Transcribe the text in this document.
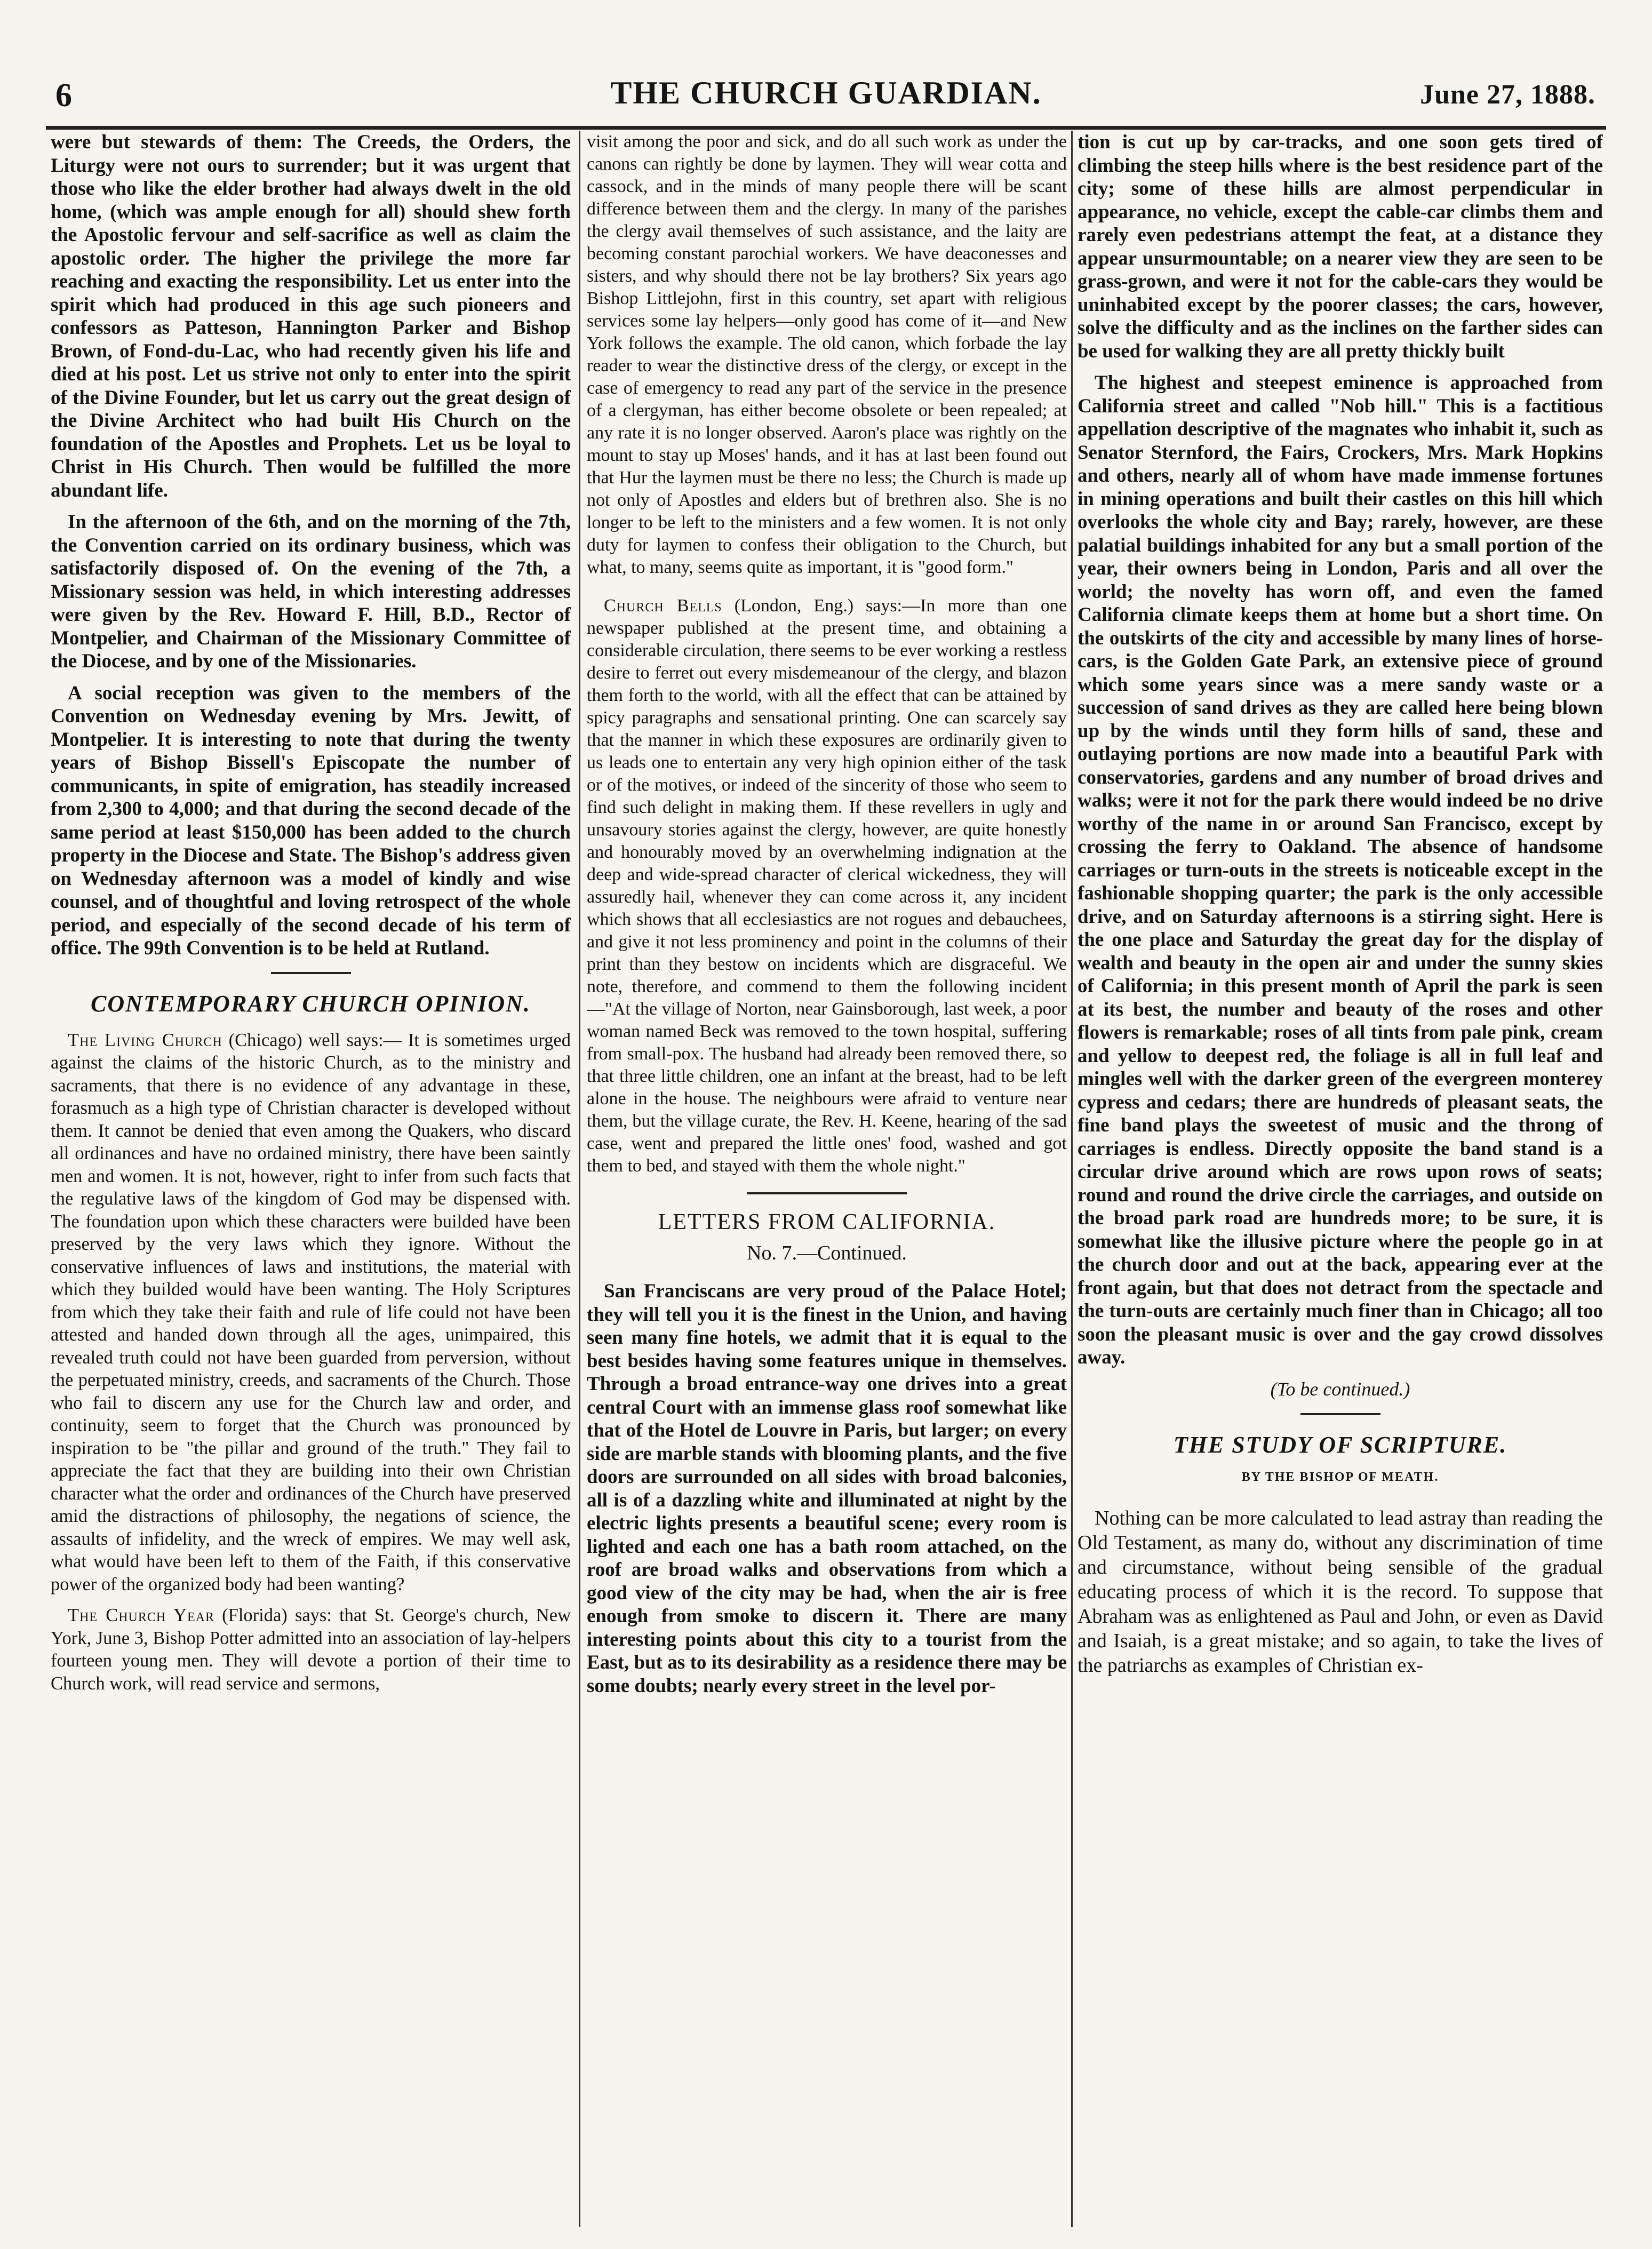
6	THE CHURCH GUARDIAN.	June 27, 1888.

were but stewards of them: The Creeds, the Orders, the Liturgy were not ours to surrender; but it was urgent that those who like the elder brother had always dwelt in the old home, (which was ample enough for all) should shew forth the Apostolic fervour and self-sacrifice as well as claim the apostolic order. The higher the privilege the more far reaching and exacting the responsibility. Let us enter into the spirit which had produced in this age such pioneers and confessors as Patteson, Hannington Parker and Bishop Brown, of Fond-du-Lac, who had recently given his life and died at his post. Let us strive not only to enter into the spirit of the Divine Founder, but let us carry out the great design of the Divine Architect who had built His Church on the foundation of the Apostles and Prophets. Let us be loyal to Christ in His Church. Then would be fulfilled the more abundant life.

In the afternoon of the 6th, and on the morning of the 7th, the Convention carried on its ordinary business, which was satisfactorily disposed of. On the evening of the 7th, a Missionary session was held, in which interesting addresses were given by the Rev. Howard F. Hill, B.D., Rector of Montpelier, and Chairman of the Missionary Committee of the Diocese, and by one of the Missionaries.

A social reception was given to the members of the Convention on Wednesday evening by Mrs. Jewitt, of Montpelier. It is interesting to note that during the twenty years of Bishop Bissell's Episcopate the number of communicants, in spite of emigration, has steadily increased from 2,300 to 4,000; and that during the second decade of the same period at least $150,000 has been added to the church property in the Diocese and State. The Bishop's address given on Wednesday afternoon was a model of kindly and wise counsel, and of thoughtful and loving retrospect of the whole period, and especially of the second decade of his term of office. The 99th Convention is to be held at Rutland.

CONTEMPORARY CHURCH OPINION.

The Living Church (Chicago) well says:— It is sometimes urged against the claims of the historic Church, as to the ministry and sacraments, that there is no evidence of any advantage in these, forasmuch as a high type of Christian character is developed without them. It cannot be denied that even among the Quakers, who discard all ordinances and have no ordained ministry, there have been saintly men and women. It is not, however, right to infer from such facts that the regulative laws of the kingdom of God may be dispensed with. The foundation upon which these characters were builded have been preserved by the very laws which they ignore. Without the conservative influences of laws and institutions, the material with which they builded would have been wanting. The Holy Scriptures from which they take their faith and rule of life could not have been attested and handed down through all the ages, unimpaired, this revealed truth could not have been guarded from perversion, without the perpetuated ministry, creeds, and sacraments of the Church. Those who fail to discern any use for the Church law and order, and continuity, seem to forget that the Church was pronounced by inspiration to be "the pillar and ground of the truth." They fail to appreciate the fact that they are building into their own Christian character what the order and ordinances of the Church have preserved amid the distractions of philosophy, the negations of science, the assaults of infidelity, and the wreck of empires. We may well ask, what would have been left to them of the Faith, if this conservative power of the organized body had been wanting?

The Church Year (Florida) says: that St. George's church, New York, June 3, Bishop Potter admitted into an association of lay-helpers fourteen young men. They will devote a portion of their time to Church work, will read service and sermons,

visit among the poor and sick, and do all such work as under the canons can rightly be done by laymen. They will wear cotta and cassock, and in the minds of many people there will be scant difference between them and the clergy. In many of the parishes the clergy avail themselves of such assistance, and the laity are becoming constant parochial workers. We have deaconesses and sisters, and why should there not be lay brothers? Six years ago Bishop Littlejohn, first in this country, set apart with religious services some lay helpers—only good has come of it—and New York follows the example. The old canon, which forbade the lay reader to wear the distinctive dress of the clergy, or except in the case of emergency to read any part of the service in the presence of a clergyman, has either become obsolete or been repealed; at any rate it is no longer observed. Aaron's place was rightly on the mount to stay up Moses' hands, and it has at last been found out that Hur the laymen must be there no less; the Church is made up not only of Apostles and elders but of brethren also. She is no longer to be left to the ministers and a few women. It is not only duty for laymen to confess their obligation to the Church, but what, to many, seems quite as important, it is "good form."

Church Bells (London, Eng.) says:—In more than one newspaper published at the present time, and obtaining a considerable circulation, there seems to be ever working a restless desire to ferret out every misdemeanour of the clergy, and blazon them forth to the world, with all the effect that can be attained by spicy paragraphs and sensational printing. One can scarcely say that the manner in which these exposures are ordinarily given to us leads one to entertain any very high opinion either of the task or of the motives, or indeed of the sincerity of those who seem to find such delight in making them. If these revellers in ugly and unsavoury stories against the clergy, however, are quite honestly and honourably moved by an overwhelming indignation at the deep and wide-spread character of clerical wickedness, they will assuredly hail, whenever they can come across it, any incident which shows that all ecclesiastics are not rogues and debauchees, and give it not less prominency and point in the columns of their print than they bestow on incidents which are disgraceful. We note, therefore, and commend to them the following incident—"At the village of Norton, near Gainsborough, last week, a poor woman named Beck was removed to the town hospital, suffering from small-pox. The husband had already been removed there, so that three little children, one an infant at the breast, had to be left alone in the house. The neighbours were afraid to venture near them, but the village curate, the Rev. H. Keene, hearing of the sad case, went and prepared the little ones' food, washed and got them to bed, and stayed with them the whole night."

LETTERS FROM CALIFORNIA.
No. 7.—Continued.

San Franciscans are very proud of the Palace Hotel; they will tell you it is the finest in the Union, and having seen many fine hotels, we admit that it is equal to the best besides having some features unique in themselves. Through a broad entrance-way one drives into a great central Court with an immense glass roof somewhat like that of the Hotel de Louvre in Paris, but larger; on every side are marble stands with blooming plants, and the five doors are surrounded on all sides with broad balconies, all is of a dazzling white and illuminated at night by the electric lights presents a beautiful scene; every room is lighted and each one has a bath room attached, on the roof are broad walks and observations from which a good view of the city may be had, when the air is free enough from smoke to discern it. There are many interesting points about this city to a tourist from the East, but as to its desirability as a residence there may be some doubts; nearly every street in the level por-

tion is cut up by car-tracks, and one soon gets tired of climbing the steep hills where is the best residence part of the city; some of these hills are almost perpendicular in appearance, no vehicle, except the cable-car climbs them and rarely even pedestrians attempt the feat, at a distance they appear unsurmountable; on a nearer view they are seen to be grass-grown, and were it not for the cable-cars they would be uninhabited except by the poorer classes; the cars, however, solve the difficulty and as the inclines on the farther sides can be used for walking they are all pretty thickly built

The highest and steepest eminence is approached from California street and called "Nob hill." This is a factitious appellation descriptive of the magnates who inhabit it, such as Senator Sternford, the Fairs, Crockers, Mrs. Mark Hopkins and others, nearly all of whom have made immense fortunes in mining operations and built their castles on this hill which overlooks the whole city and Bay; rarely, however, are these palatial buildings inhabited for any but a small portion of the year, their owners being in London, Paris and all over the world; the novelty has worn off, and even the famed California climate keeps them at home but a short time. On the outskirts of the city and accessible by many lines of horse-cars, is the Golden Gate Park, an extensive piece of ground which some years since was a mere sandy waste or a succession of sand drives as they are called here being blown up by the winds until they form hills of sand, these and outlaying portions are now made into a beautiful Park with conservatories, gardens and any number of broad drives and walks; were it not for the park there would indeed be no drive worthy of the name in or around San Francisco, except by crossing the ferry to Oakland. The absence of handsome carriages or turn-outs in the streets is noticeable except in the fashionable shopping quarter; the park is the only accessible drive, and on Saturday afternoons is a stirring sight. Here is the one place and Saturday the great day for the display of wealth and beauty in the open air and under the sunny skies of California; in this present month of April the park is seen at its best, the number and beauty of the roses and other flowers is remarkable; roses of all tints from pale pink, cream and yellow to deepest red, the foliage is all in full leaf and mingles well with the darker green of the evergreen monterey cypress and cedars; there are hundreds of pleasant seats, the fine band plays the sweetest of music and the throng of carriages is endless. Directly opposite the band stand is a circular drive around which are rows upon rows of seats; round and round the drive circle the carriages, and outside on the broad park road are hundreds more; to be sure, it is somewhat like the illusive picture where the people go in at the church door and out at the back, appearing ever at the front again, but that does not detract from the spectacle and the turn-outs are certainly much finer than in Chicago; all too soon the pleasant music is over and the gay crowd dissolves away.

(To be continued.)
THE STUDY OF SCRIPTURE.
BY THE BISHOP OF MEATH.

Nothing can be more calculated to lead astray than reading the Old Testament, as many do, without any discrimination of time and circumstance, without being sensible of the gradual educating process of which it is the record. To suppose that Abraham was as enlightened as Paul and John, or even as David and Isaiah, is a great mistake; and so again, to take the lives of the patriarchs as examples of Christian ex-
